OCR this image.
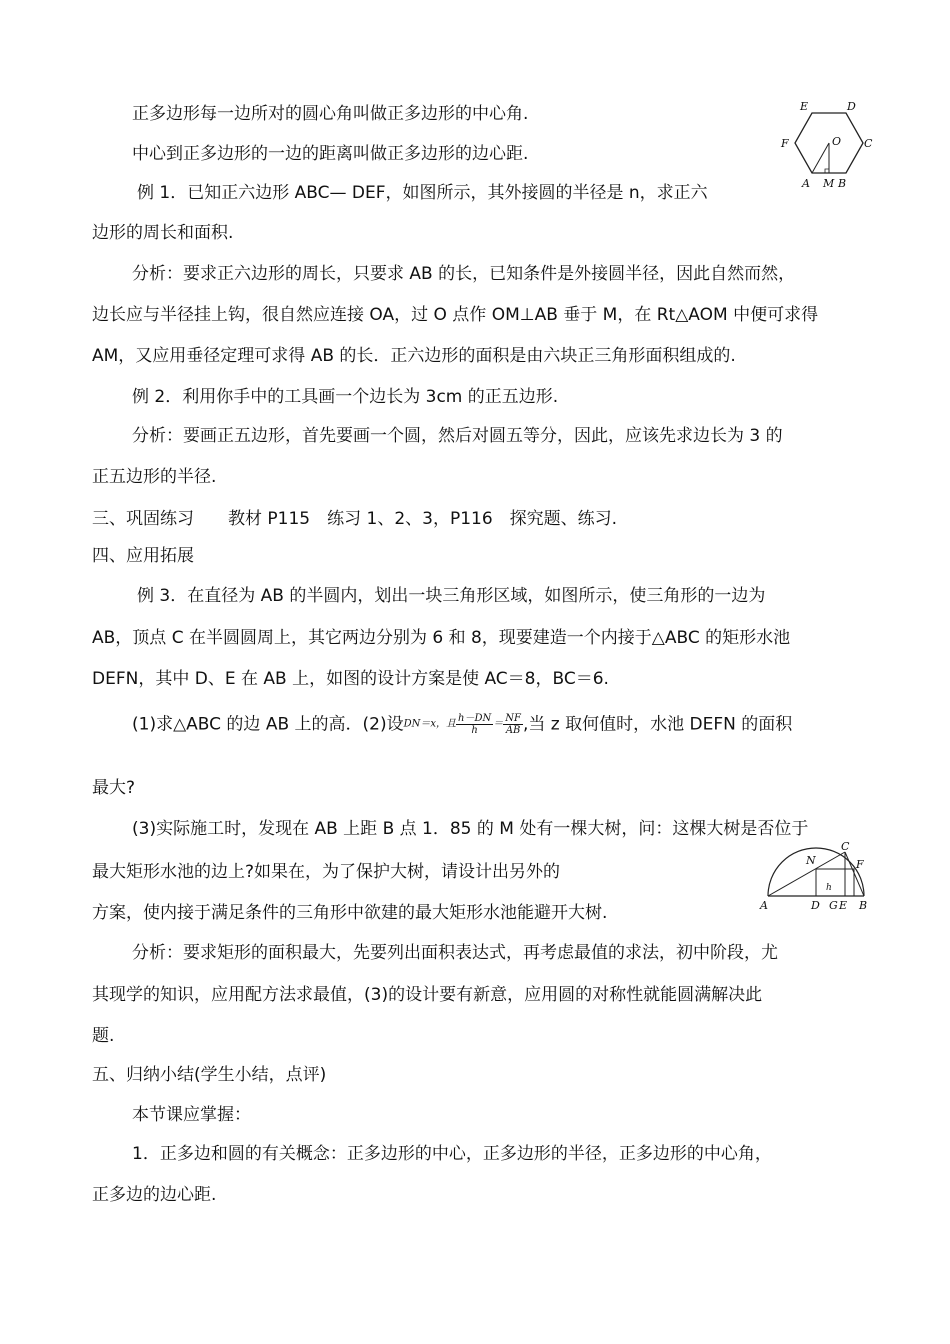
正多边形每一边所对的圆心角叫做正多边形的中心角.
中心到正多边形的一边的距离叫做正多边形的边心距.
例 1．已知正六边形 ABC— DEF，如图所示，其外接圆的半径是 n，求正六
边形的周长和面积.
分析：要求正六边形的周长，只要求 AB 的长，已知条件是外接圆半径，因此自然而然，
边长应与半径挂上钩，很自然应连接 OA，过 O 点作 OM⊥AB 垂于 M，在 Rt△AOM 中便可求得
AM，又应用垂径定理可求得 AB 的长．正六边形的面积是由六块正三角形面积组成的.
例 2．利用你手中的工具画一个边长为 3cm 的正五边形.
分析：要画正五边形，首先要画一个圆，然后对圆五等分，因此，应该先求边长为 3 的
正五边形的半径.
三、巩固练习　　教材 P115　练习 1、2、3，P116　探究题、练习.
四、应用拓展
例 3．在直径为 AB 的半圆内，划出一块三角形区域，如图所示，使三角形的一边为
AB，顶点 C 在半圆圆周上，其它两边分别为 6 和 8，现要建造一个内接于△ABC 的矩形水池
DEFN，其中 D、E 在 AB 上，如图的设计方案是使 AC＝8，BC＝6.
(1)求△ABC 的边 AB 上的高．(2)设DN＝x，且 $\frac{h-DN}{h} = \frac{NF}{AB}$ ,当 z 取何值时，水池 DEFN 的面积
最大?
(3)实际施工时，发现在 AB 上距 B 点 1．85 的 M 处有一棵大树，问：这棵大树是否位于
最大矩形水池的边上?如果在，为了保护大树，请设计出另外的
方案，使内接于满足条件的三角形中欲建的最大矩形水池能避开大树.
分析：要求矩形的面积最大，先要列出面积表达式，再考虑最值的求法，初中阶段，尤
其现学的知识，应用配方法求最值，(3)的设计要有新意，应用圆的对称性就能圆满解决此
题.
五、归纳小结(学生小结，点评)
本节课应掌握：
1．正多边和圆的有关概念：正多边形的中心，正多边形的半径，正多边形的中心角，
正多边的边心距.
E	D
F	O C
A M B
h
N
C
F
A	D G E B
